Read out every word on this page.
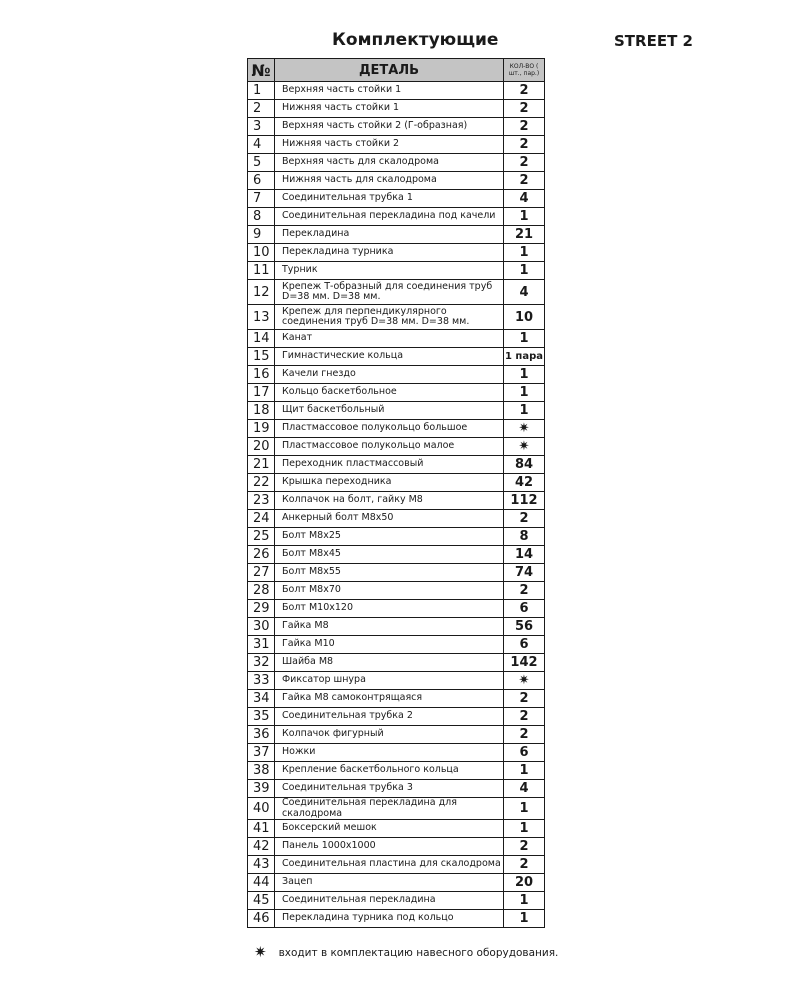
Комплектующие	STREET 2
№	ДЕТАЛЬ	КОЛ-ВО ( шт., пар.)
1	Верхняя часть стойки 1	2
2	Нижняя часть стойки 1	2
3	Верхняя часть стойки 2 (Г-образная)	2
4	Нижняя часть стойки 2	2
5	Верхняя часть для скалодрома	2
6	Нижняя часть для скалодрома	2
7	Соединительная трубка 1	4
8	Соединительная перекладина под качели	1
9	Перекладина	21
10	Перекладина турника	1
11	Турник	1
12	Крепеж Т-образный для соединения труб D=38 мм. D=38 мм.	4
13	Крепеж для перпендикулярного соединения труб D=38 мм. D=38 мм.	10
14	Канат	1
15	Гимнастические кольца	1 пара
16	Качели гнездо	1
17	Кольцо баскетбольное	1
18	Щит баскетбольный	1
19	Пластмассовое полукольцо большое	✷
20	Пластмассовое полукольцо малое	✷
21	Переходник пластмассовый	84
22	Крышка переходника	42
23	Колпачок на болт, гайку М8	112
24	Анкерный болт М8х50	2
25	Болт М8х25	8
26	Болт М8х45	14
27	Болт М8х55	74
28	Болт М8х70	2
29	Болт М10х120	6
30	Гайка М8	56
31	Гайка М10	6
32	Шайба М8	142
33	Фиксатор шнура	✷
34	Гайка М8 самоконтрящаяся	2
35	Соединительная трубка 2	2
36	Колпачок фигурный	2
37	Ножки	6
38	Крепление баскетбольного кольца	1
39	Соединительная трубка 3	4
40	Соединительная перекладина для скалодрома	1
41	Боксерский мешок	1
42	Панель 1000х1000	2
43	Соединительная пластина для скалодрома	2
44	Зацеп	20
45	Соединительная перекладина	1
46	Перекладина турника под кольцо	1
✷ входит в комплектацию навесного оборудования.
